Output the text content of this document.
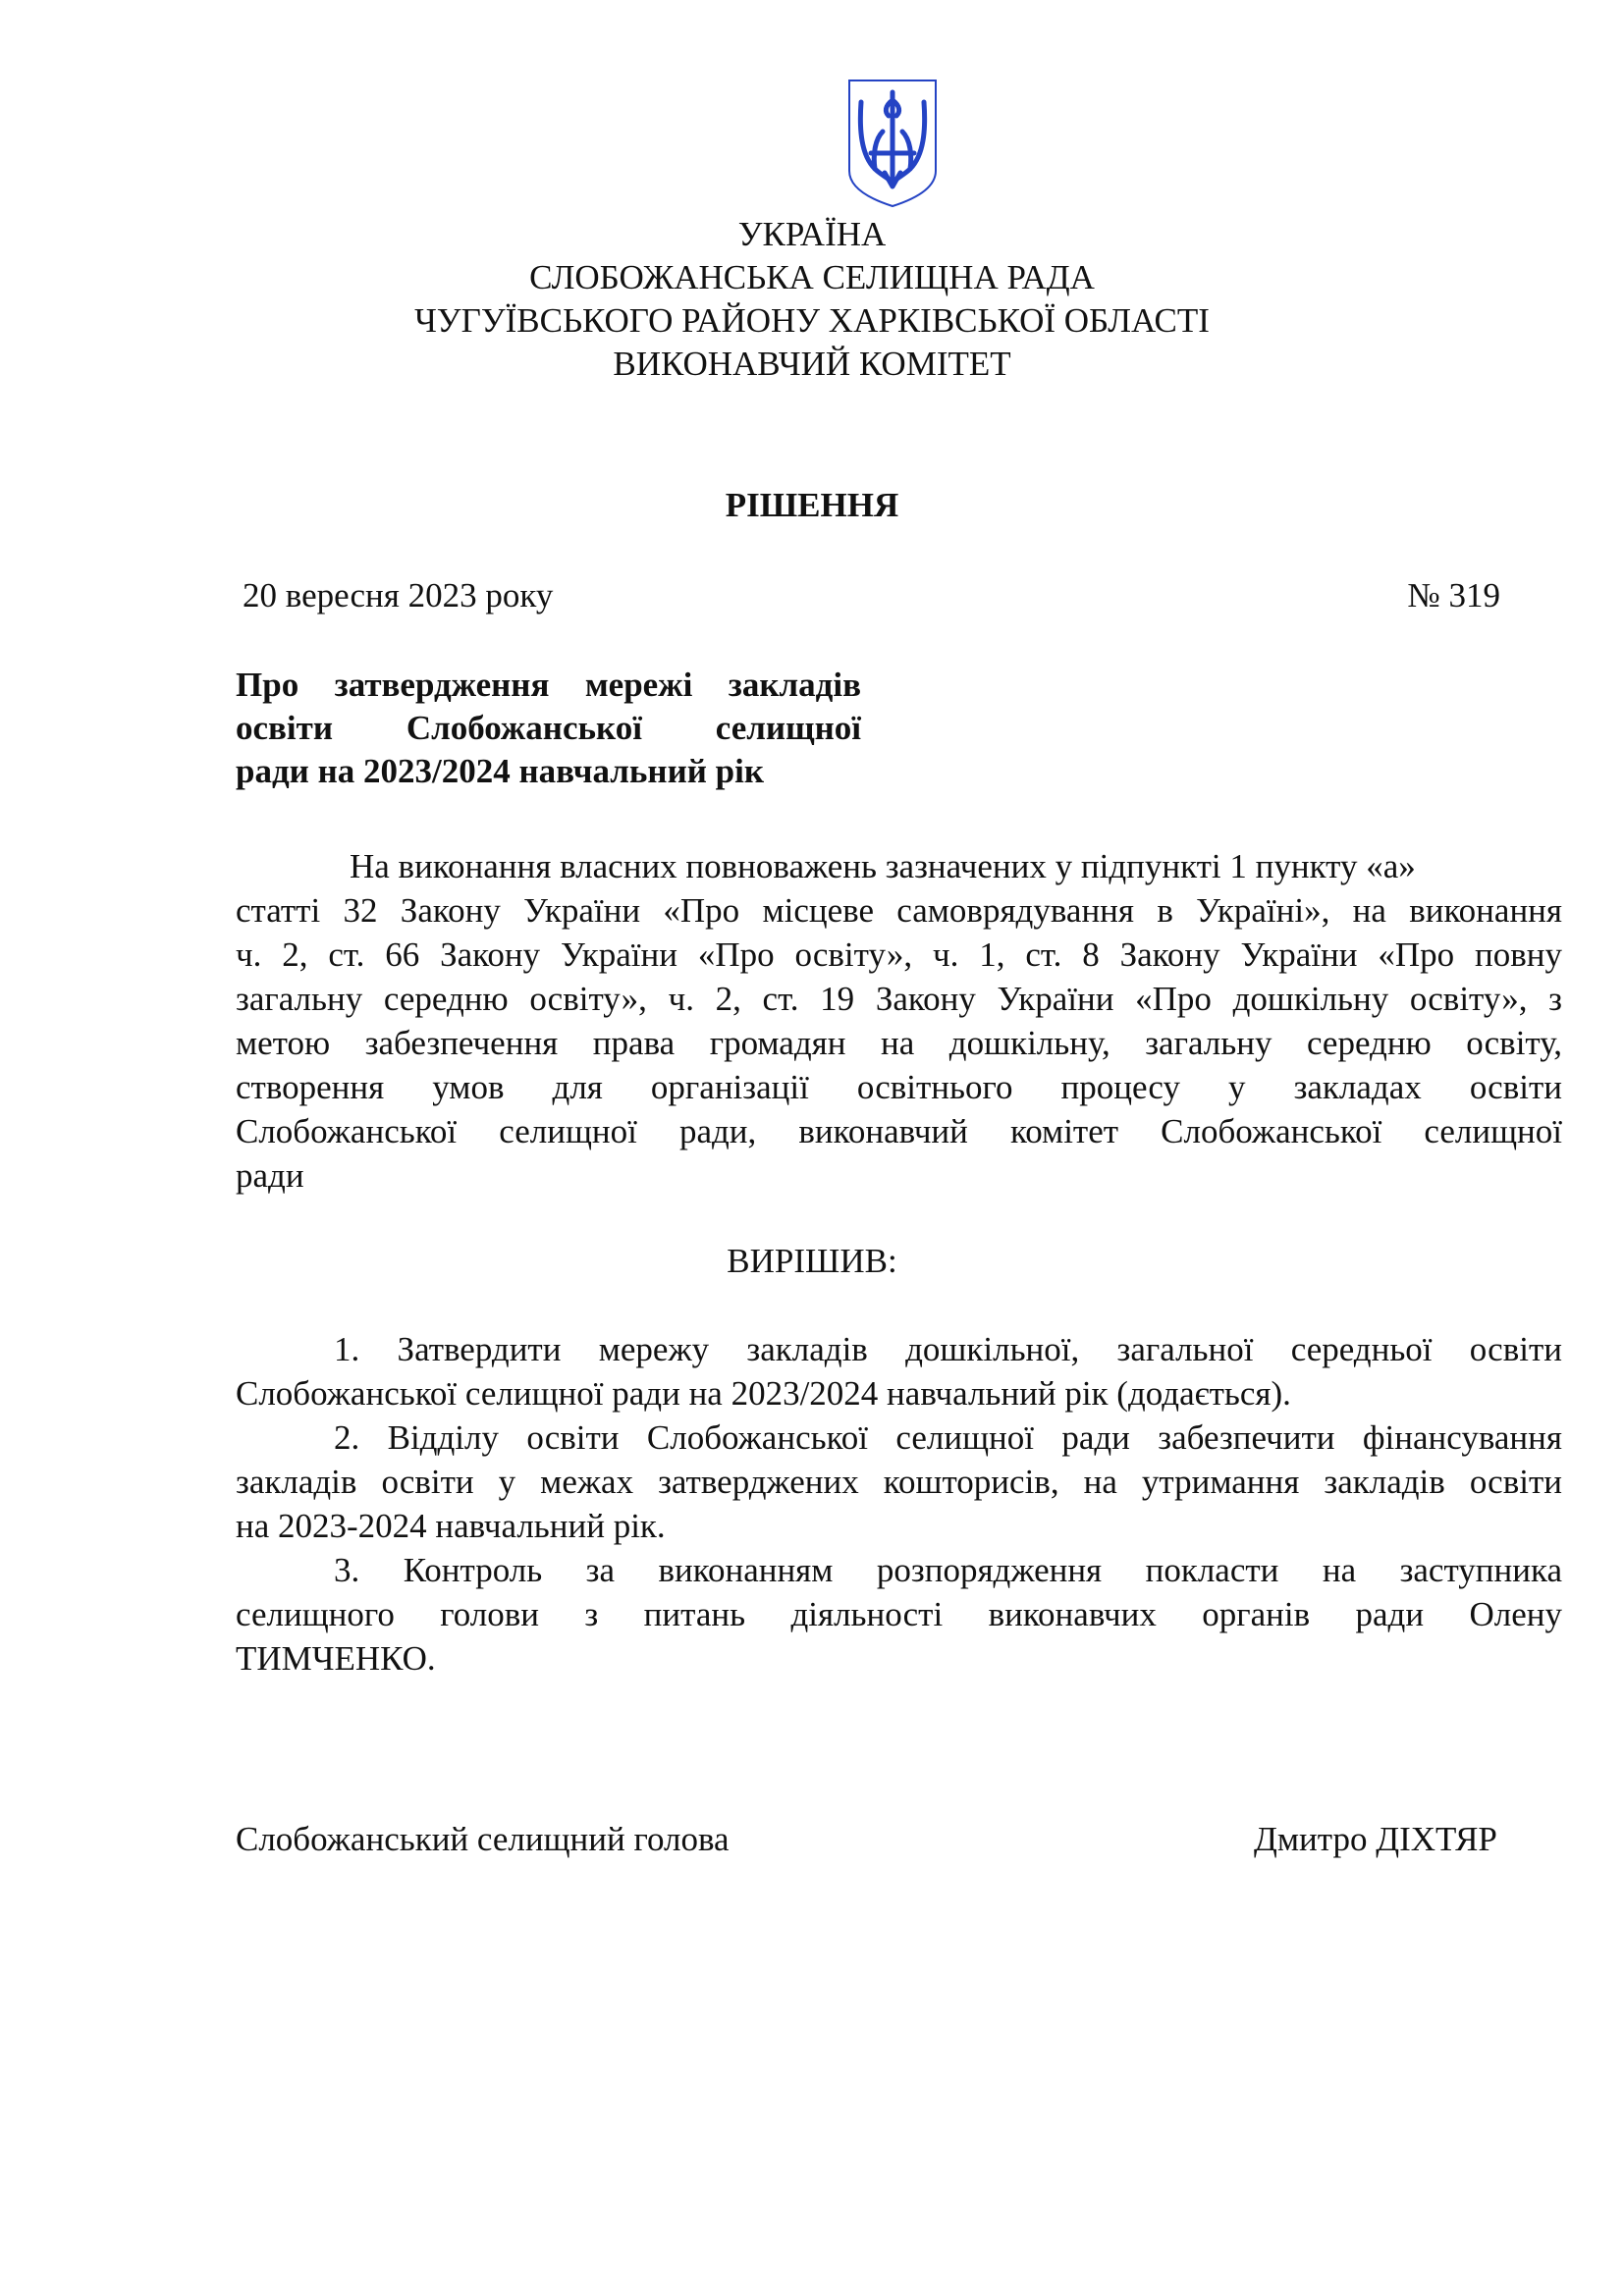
УКРАЇНА
СЛОБОЖАНСЬКА СЕЛИЩНА РАДА
ЧУГУЇВСЬКОГО РАЙОНУ ХАРКІВСЬКОЇ ОБЛАСТІ
ВИКОНАВЧИЙ КОМІТЕТ
РІШЕННЯ
20 вересня 2023 року	№ 319
Про затвердження мережі закладів
освіти Слобожанської селищної
ради на 2023/2024 навчальний рік
На виконання власних повноважень зазначених у підпункті 1 пункту «а»
статті 32 Закону України «Про місцеве самоврядування в Україні», на виконання
ч. 2, ст. 66 Закону України «Про освіту», ч. 1, ст. 8 Закону України «Про повну
загальну середню освіту», ч. 2, ст. 19 Закону України «Про дошкільну освіту», з
метою забезпечення права громадян на дошкільну, загальну середню освіту,
створення умов для організації освітнього процесу у закладах освіти
Слобожанської селищної ради, виконавчий комітет Слобожанської селищної
ради
ВИРІШИВ:
1. Затвердити мережу закладів дошкільної, загальної середньої освіти
Слобожанської селищної ради на 2023/2024 навчальний рік (додається).
2. Відділу освіти Слобожанської селищної ради забезпечити фінансування
закладів освіти у межах затверджених кошторисів, на утримання закладів освіти
на 2023-2024 навчальний рік.
3. Контроль за виконанням розпорядження покласти на заступника
селищного голови з питань діяльності виконавчих органів ради Олену
ТИМЧЕНКО.
Слобожанський селищний голова	Дмитро ДІХТЯР
